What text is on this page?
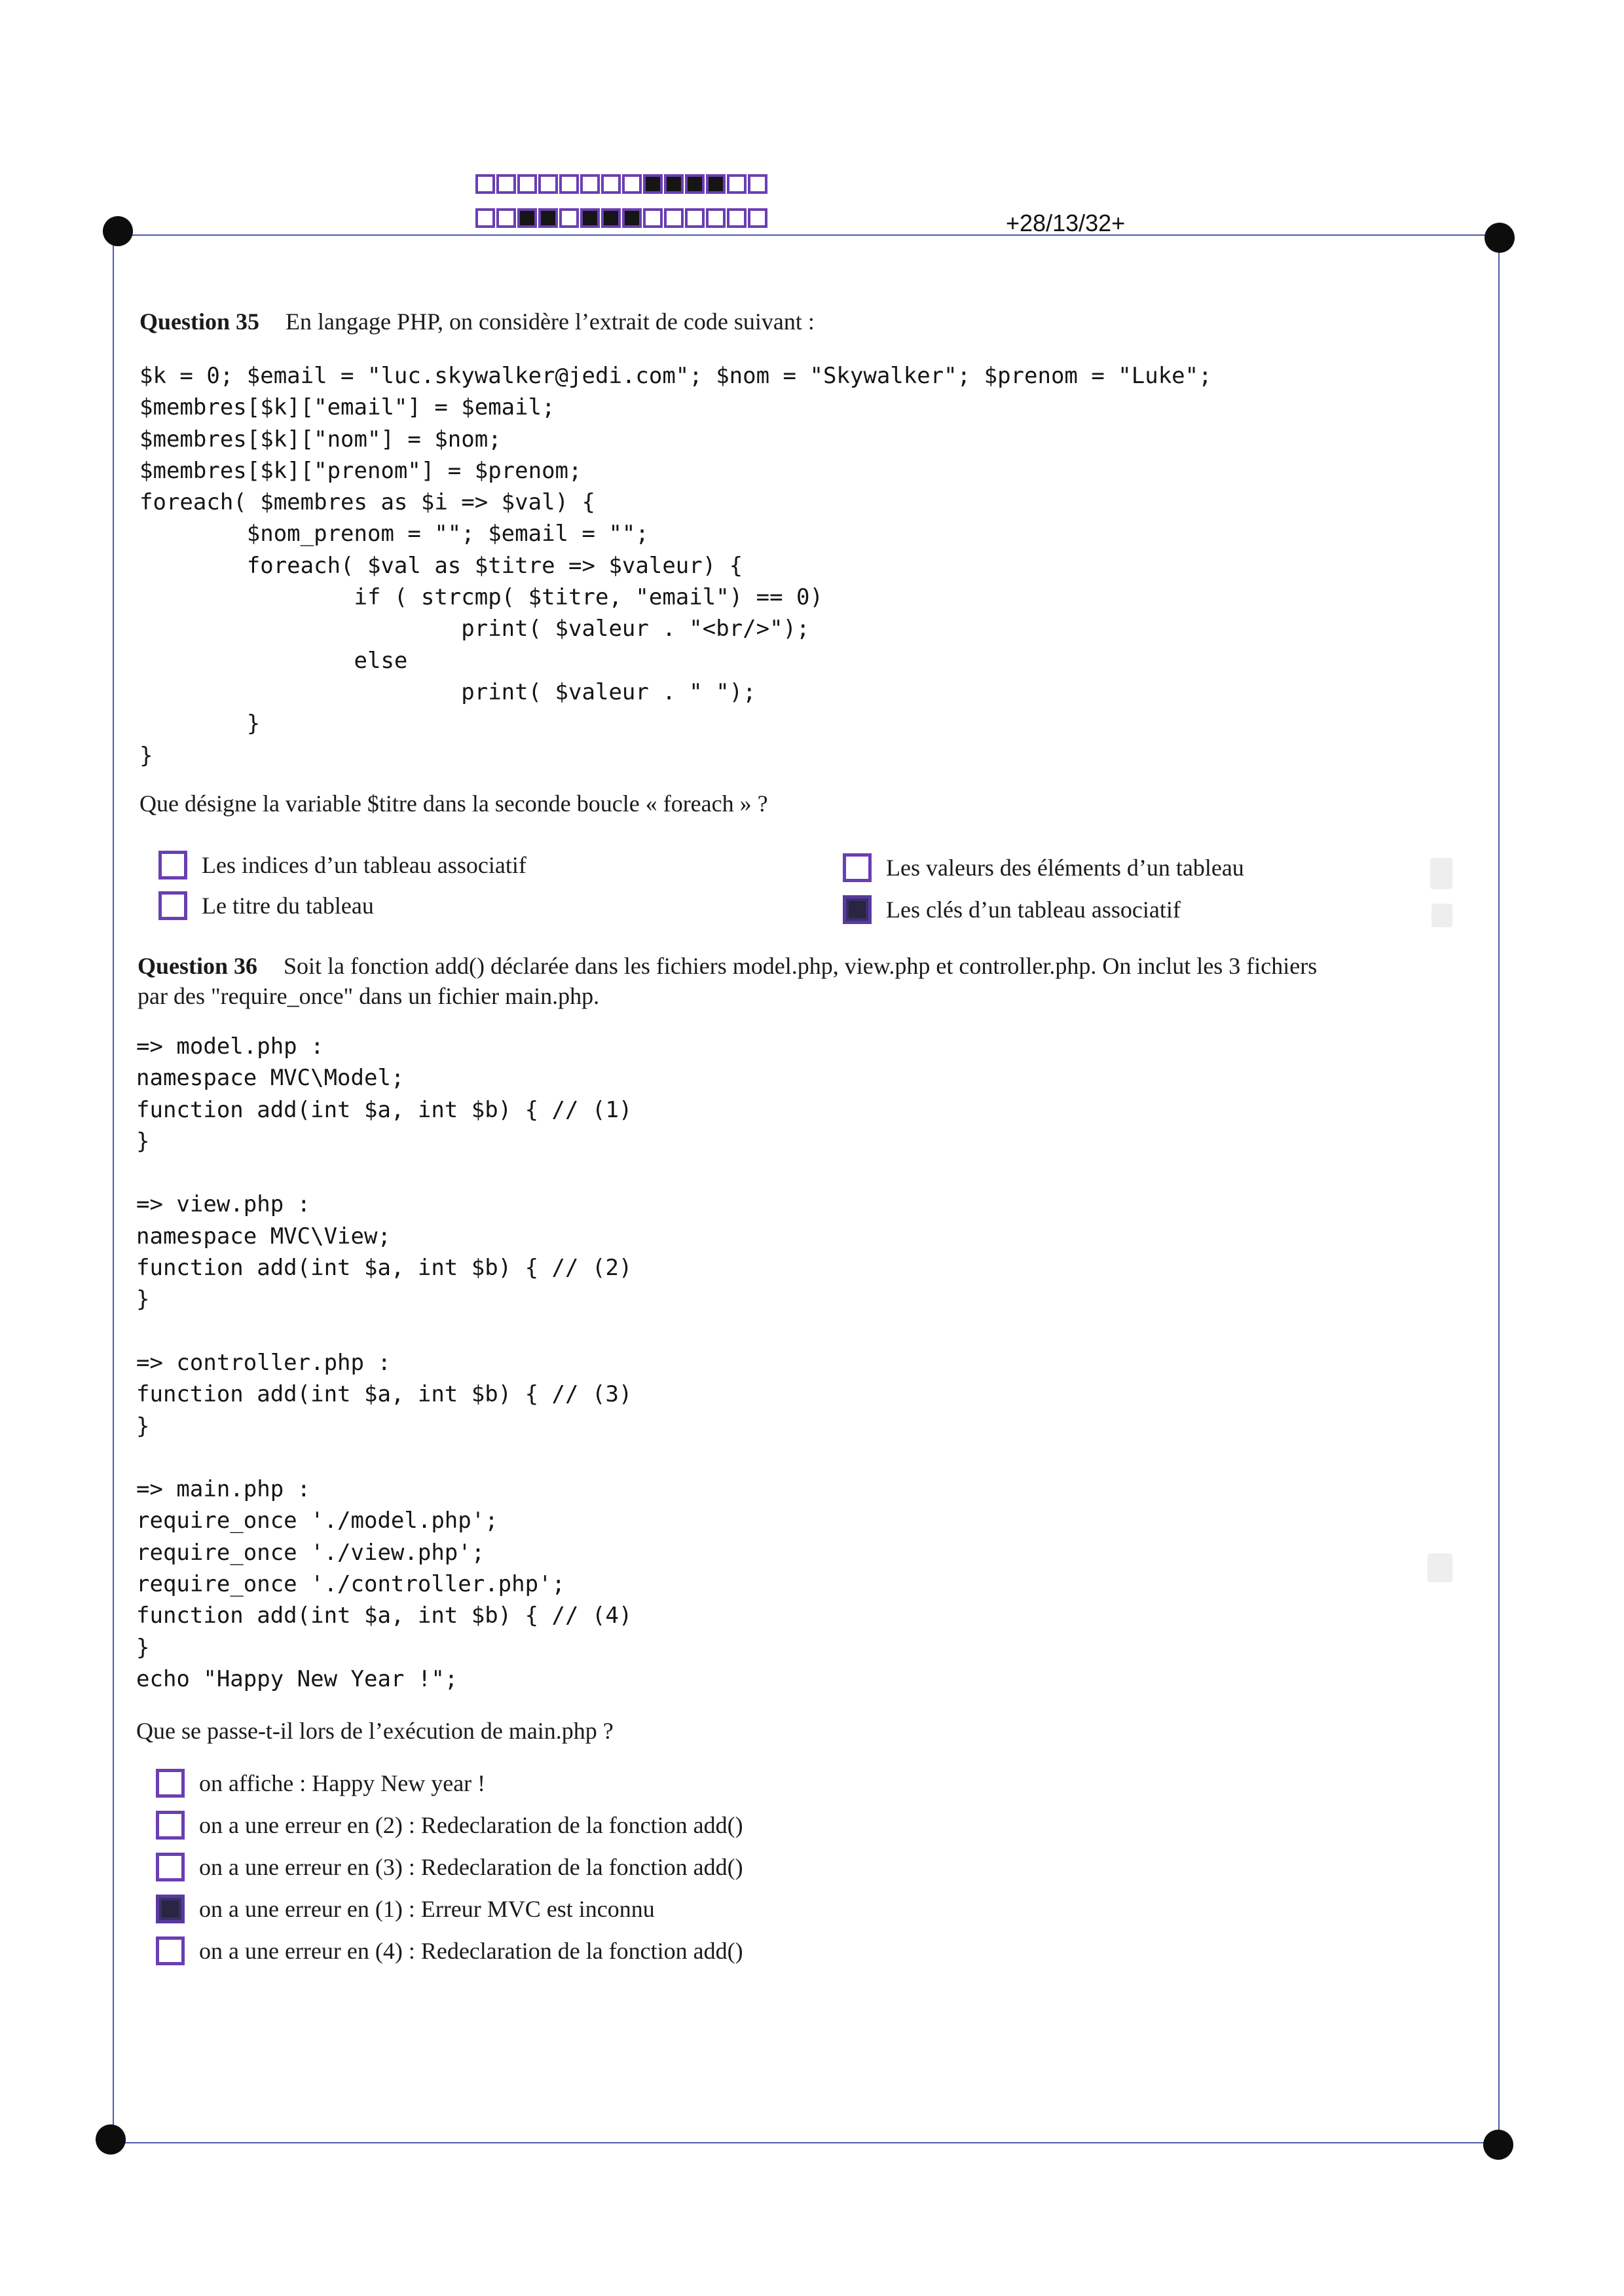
+28/13/32+
Question 35 En langage PHP, on considère l’extrait de code suivant :
$k = 0; $email = "luc.skywalker@jedi.com"; $nom = "Skywalker"; $prenom = "Luke";
$membres[$k]["email"] = $email;
$membres[$k]["nom"] = $nom;
$membres[$k]["prenom"] = $prenom;
foreach( $membres as $i => $val) {
$nom_prenom = ""; $email = "";
foreach( $val as $titre => $valeur) {
if ( strcmp( $titre, "email") == 0)
print( $valeur . "<br/>");
else
print( $valeur . " ");
}
}
Que désigne la variable $titre dans la seconde boucle « foreach » ?
Les indices d’un tableau associatif
Le titre du tableau
Les valeurs des éléments d’un tableau
Les clés d’un tableau associatif
Question 36 Soit la fonction add() déclarée dans les fichiers model.php, view.php et controller.php. On inclut les 3 fichiers
par des "require_once" dans un fichier main.php.
=> model.php :
namespace MVC\Model;
function add(int $a, int $b) { // (1)
}

=> view.php :
namespace MVC\View;
function add(int $a, int $b) { // (2)
}

=> controller.php :
function add(int $a, int $b) { // (3)
}

=> main.php :
require_once './model.php';
require_once './view.php';
require_once './controller.php';
function add(int $a, int $b) { // (4)
}
echo "Happy New Year !";
Que se passe-t-il lors de l’exécution de main.php ?
on affiche : Happy New year !
on a une erreur en (2) : Redeclaration de la fonction add()
on a une erreur en (3) : Redeclaration de la fonction add()
on a une erreur en (1) : Erreur MVC est inconnu
on a une erreur en (4) : Redeclaration de la fonction add()
